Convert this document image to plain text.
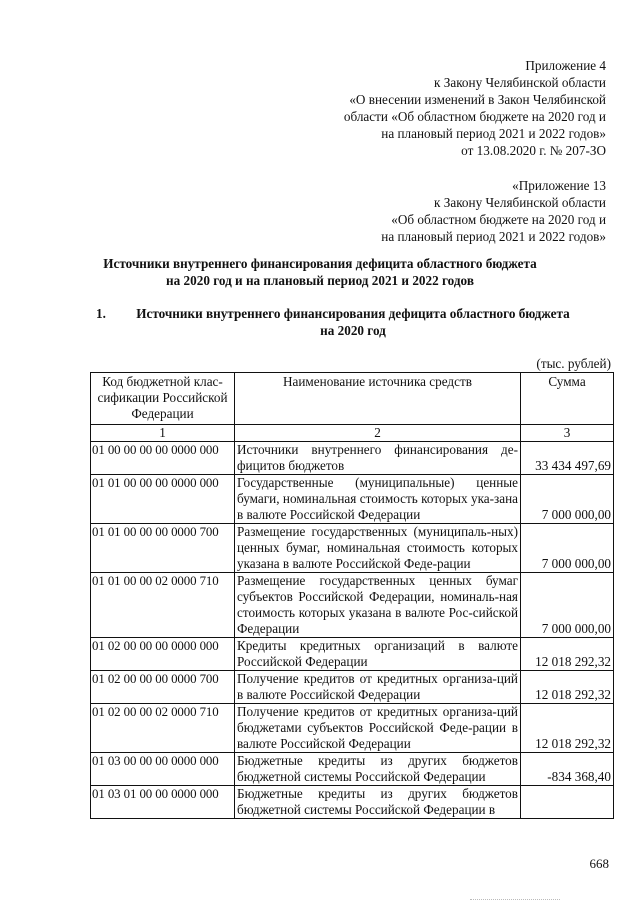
Приложение 4
к Закону Челябинской области
«О внесении изменений в Закон Челябинской
области «Об областном бюджете на 2020 год и
на плановый период 2021 и 2022 годов»
от 13.08.2020 г. № 207-ЗО
«Приложение 13
к Закону Челябинской области
«Об областном бюджете на 2020 год и
на плановый период 2021 и 2022 годов»
Источники внутреннего финансирования дефицита областного бюджета
на 2020 год и на плановый период 2021 и 2022 годов
1.	Источники внутреннего финансирования дефицита областного бюджета
на 2020 год
(тыс. рублей)
Код бюджетной клас-сификации Российской Федерации	Наименование источника средств	Сумма
1	2	3
01 00 00 00 00 0000 000	Источники внутреннего финансирования де-фицитов бюджетов	33 434 497,69
01 01 00 00 00 0000 000	Государственные (муниципальные) ценные бумаги, номинальная стоимость которых ука-зана в валюте Российской Федерации	7 000 000,00
01 01 00 00 00 0000 700	Размещение государственных (муниципаль-ных) ценных бумаг, номинальная стоимость которых указана в валюте Российской Феде-рации	7 000 000,00
01 01 00 00 02 0000 710	Размещение государственных ценных бумаг субъектов Российской Федерации, номиналь-ная стоимость которых указана в валюте Рос-сийской Федерации	7 000 000,00
01 02 00 00 00 0000 000	Кредиты кредитных организаций в валюте Российской Федерации	12 018 292,32
01 02 00 00 00 0000 700	Получение кредитов от кредитных организа-ций в валюте Российской Федерации	12 018 292,32
01 02 00 00 02 0000 710	Получение кредитов от кредитных организа-ций бюджетами субъектов Российской Феде-рации в валюте Российской Федерации	12 018 292,32
01 03 00 00 00 0000 000	Бюджетные кредиты из других бюджетов бюджетной системы Российской Федерации	-834 368,40
01 03 01 00 00 0000 000	Бюджетные кредиты из других бюджетов бюджетной системы Российской Федерации в	
668
